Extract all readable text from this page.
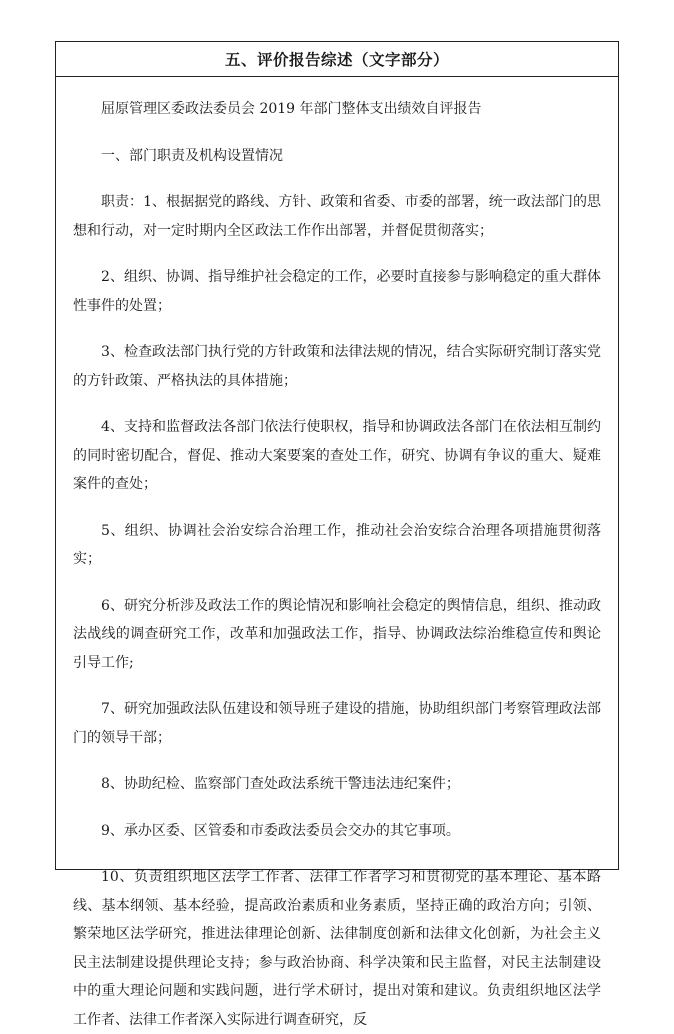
五、评价报告综述（文字部分）

屈原管理区委政法委员会 2019 年部门整体支出绩效自评报告

一、部门职责及机构设置情况

职责：1、根据据党的路线、方针、政策和省委、市委的部署，统一政法部门的思想和行动，对一定时期内全区政法工作作出部署，并督促贯彻落实；

2、组织、协调、指导维护社会稳定的工作，必要时直接参与影响稳定的重大群体性事件的处置；

3、检查政法部门执行党的方针政策和法律法规的情况，结合实际研究制订落实党的方针政策、严格执法的具体措施；

4、支持和监督政法各部门依法行使职权，指导和协调政法各部门在依法相互制约的同时密切配合，督促、推动大案要案的查处工作，研究、协调有争议的重大、疑难案件的查处；

5、组织、协调社会治安综合治理工作，推动社会治安综合治理各项措施贯彻落实；

6、研究分析涉及政法工作的舆论情况和影响社会稳定的舆情信息，组织、推动政法战线的调查研究工作，改革和加强政法工作，指导、协调政法综治维稳宣传和舆论引导工作;

7、研究加强政法队伍建设和领导班子建设的措施，协助组织部门考察管理政法部门的领导干部；

8、协助纪检、监察部门查处政法系统干警违法违纪案件；

9、承办区委、区管委和市委政法委员会交办的其它事项。

10、负责组织地区法学工作者、法律工作者学习和贯彻党的基本理论、基本路线、基本纲领、基本经验，提高政治素质和业务素质，坚持正确的政治方向；引领、繁荣地区法学研究，推进法律理论创新、法律制度创新和法律文化创新，为社会主义民主法制建设提供理论支持；参与政治协商、科学决策和民主监督，对民主法制建设中的重大理论问题和实践问题，进行学术研讨，提出对策和建议。负责组织地区法学工作者、法律工作者深入实际进行调查研究，反
